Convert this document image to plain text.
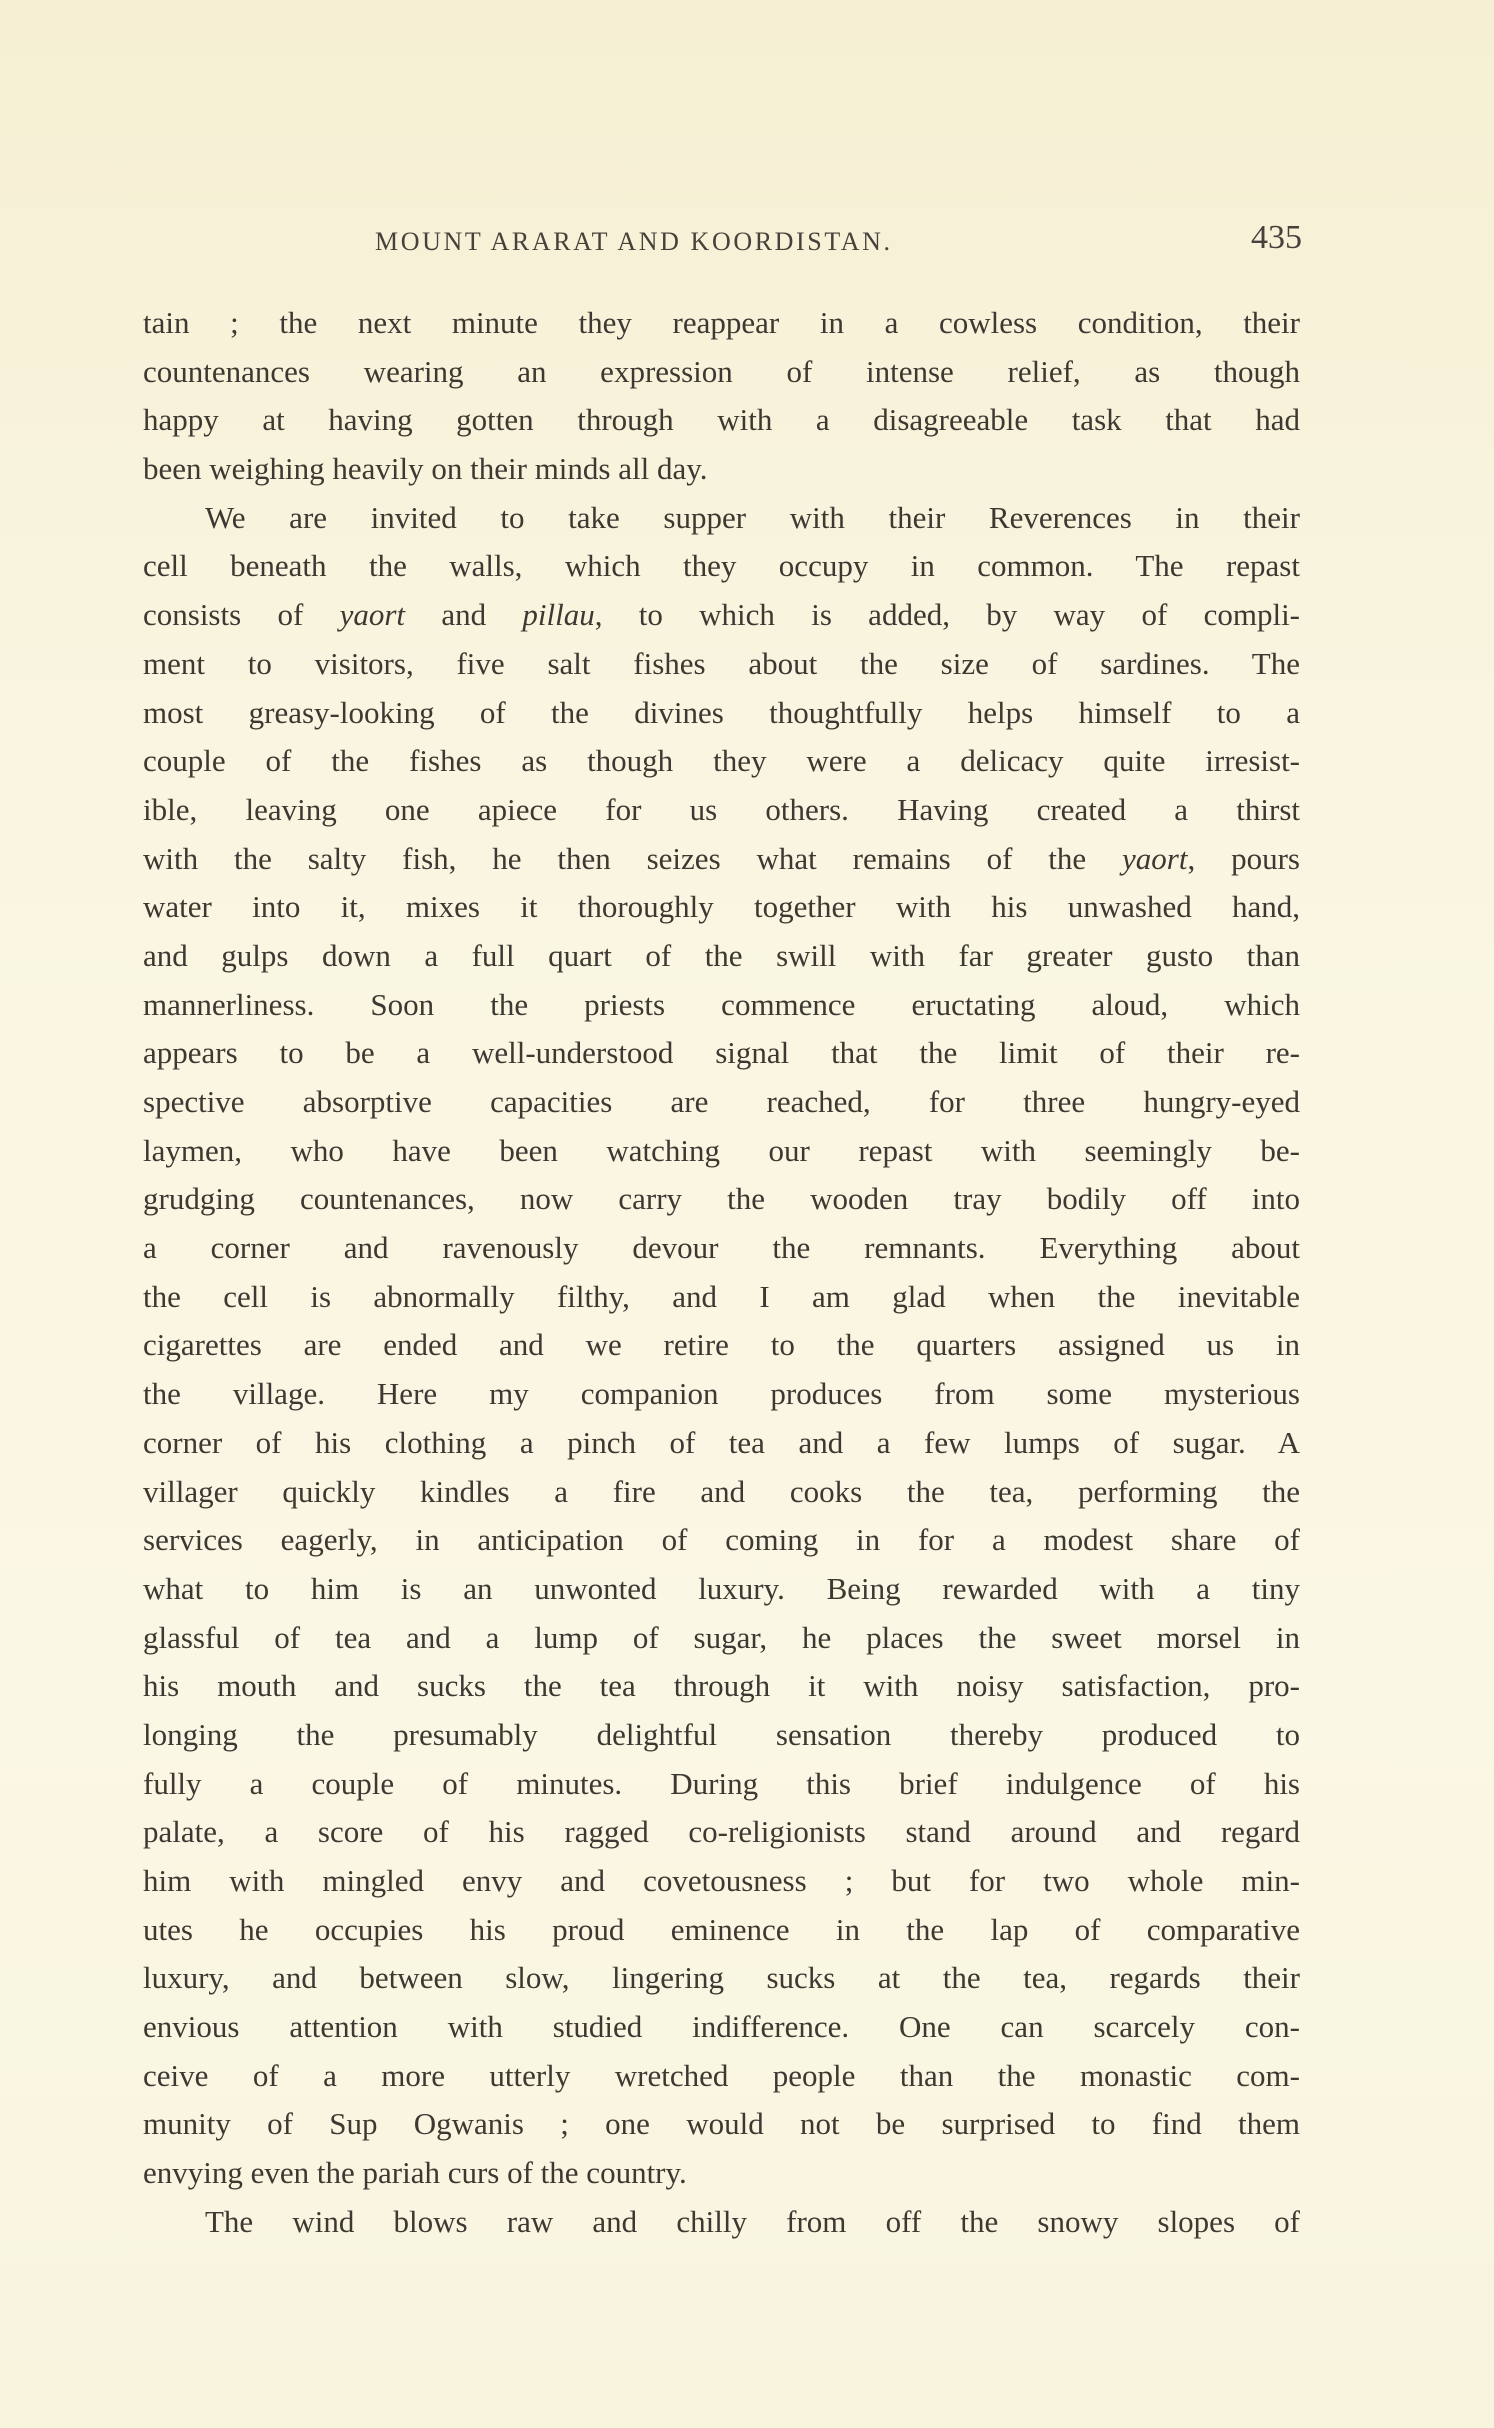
MOUNT ARARAT AND KOORDISTAN.	435
tain ; the next minute they reappear in a cowless condition, their
countenances wearing an expression of intense relief, as though
happy at having gotten through with a disagreeable task that had
been weighing heavily on their minds all day.
We are invited to take supper with their Reverences in their
cell beneath the walls, which they occupy in common. The repast
consists of yaort and pillau, to which is added, by way of compli-
ment to visitors, five salt fishes about the size of sardines. The
most greasy-looking of the divines thoughtfully helps himself to a
couple of the fishes as though they were a delicacy quite irresist-
ible, leaving one apiece for us others. Having created a thirst
with the salty fish, he then seizes what remains of the yaort, pours
water into it, mixes it thoroughly together with his unwashed hand,
and gulps down a full quart of the swill with far greater gusto than
mannerliness. Soon the priests commence eructating aloud, which
appears to be a well-understood signal that the limit of their re-
spective absorptive capacities are reached, for three hungry-eyed
laymen, who have been watching our repast with seemingly be-
grudging countenances, now carry the wooden tray bodily off into
a corner and ravenously devour the remnants. Everything about
the cell is abnormally filthy, and I am glad when the inevitable
cigarettes are ended and we retire to the quarters assigned us in
the village. Here my companion produces from some mysterious
corner of his clothing a pinch of tea and a few lumps of sugar. A
villager quickly kindles a fire and cooks the tea, performing the
services eagerly, in anticipation of coming in for a modest share of
what to him is an unwonted luxury. Being rewarded with a tiny
glassful of tea and a lump of sugar, he places the sweet morsel in
his mouth and sucks the tea through it with noisy satisfaction, pro-
longing the presumably delightful sensation thereby produced to
fully a couple of minutes. During this brief indulgence of his
palate, a score of his ragged co-religionists stand around and regard
him with mingled envy and covetousness ; but for two whole min-
utes he occupies his proud eminence in the lap of comparative
luxury, and between slow, lingering sucks at the tea, regards their
envious attention with studied indifference. One can scarcely con-
ceive of a more utterly wretched people than the monastic com-
munity of Sup Ogwanis ; one would not be surprised to find them
envying even the pariah curs of the country.
The wind blows raw and chilly from off the snowy slopes of
